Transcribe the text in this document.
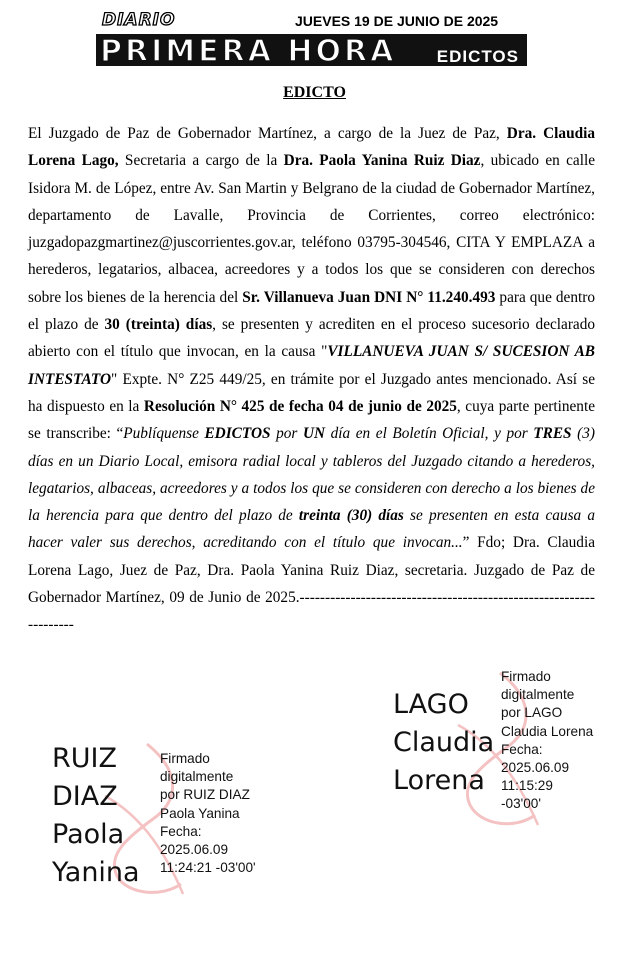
DIARIO	JUEVES 19 DE JUNIO DE 2025

PRIMERA HORA EDICTOS

EDICTO

El Juzgado de Paz de Gobernador Martínez, a cargo de la Juez de Paz, Dra. Claudia Lorena Lago, Secretaria a cargo de la Dra. Paola Yanina Ruiz Diaz, ubicado en calle Isidora M. de López, entre Av. San Martin y Belgrano de la ciudad de Gobernador Martínez, departamento de Lavalle, Provincia de Corrientes, correo electrónico: juzgadopazgmartinez@juscorrientes.gov.ar, teléfono 03795-304546, CITA Y EMPLAZA a herederos, legatarios, albacea, acreedores y a todos los que se consideren con derechos sobre los bienes de la herencia del Sr. Villanueva Juan DNI N° 11.240.493 para que dentro el plazo de 30 (treinta) días, se presenten y acrediten en el proceso sucesorio declarado abierto con el título que invocan, en la causa "VILLANUEVA JUAN S/ SUCESION AB INTESTATO" Expte. N° Z25 449/25, en trámite por el Juzgado antes mencionado. Así se ha dispuesto en la Resolución N° 425 de fecha 04 de junio de 2025, cuya parte pertinente se transcribe: “Publíquense EDICTOS por UN día en el Boletín Oficial, y por TRES (3) días en un Diario Local, emisora radial local y tableros del Juzgado citando a herederos, legatarios, albaceas, acreedores y a todos los que se consideren con derecho a los bienes de la herencia para que dentro del plazo de treinta (30) días se presenten en esta causa a hacer valer sus derechos, acreditando con el título que invocan...” Fdo; Dra. Claudia Lorena Lago, Juez de Paz, Dra. Paola Yanina Ruiz Diaz, secretaria. Juzgado de Paz de Gobernador Martínez, 09 de Junio de 2025.-------------------------------------------------------------------

LAGO
Claudia
Lorena

Firmado
digitalmente
por LAGO
Claudia Lorena
Fecha:
2025.06.09
11:15:29
-03'00'

RUIZ
DIAZ
Paola
Yanina

Firmado
digitalmente
por RUIZ DIAZ
Paola Yanina
Fecha:
2025.06.09
11:24:21 -03'00'
